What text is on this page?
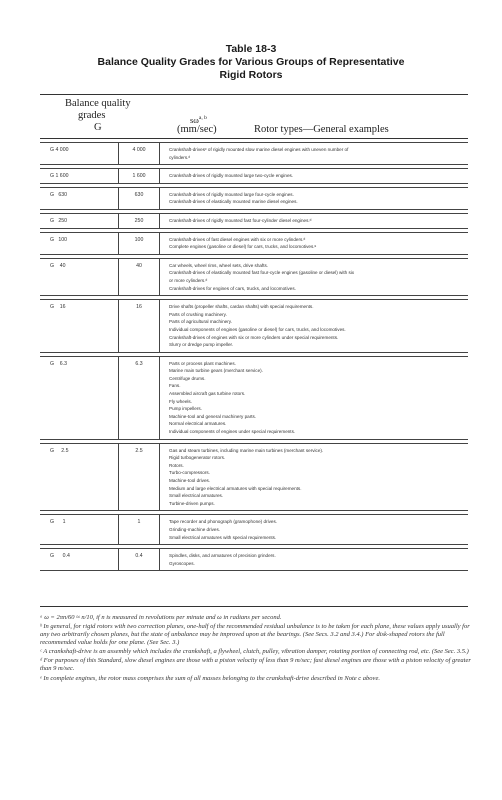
Table 18-3
Balance Quality Grades for Various Groups of Representative
Rigid Rotors
Balance quality
grades
G
sω$^{a, b}$
(mm/sec)	Rotor types—General examples
G 4 000	4 000	Crankshaft-drivesᶜ of rigidly mounted slow marine diesel engines with uneven number of
cylinders.ᵈ
G 1 600	1 600	Crankshaft-drives of rigidly mounted large two-cycle engines.
G   630	630	Crankshaft-drives of rigidly mounted large four-cycle engines.
Crankshaft-drives of elastically mounted marine diesel engines.
G   250	250	Crankshaft-drives of rigidly mounted fast four-cylinder diesel engines.ᵈ
G   100	100	Crankshaft-drives of fast diesel engines with six or more cylinders.ᵈ
Complete engines (gasoline or diesel) for cars, trucks, and locomotives.ᵉ
G    40	40	Car wheels, wheel rims, wheel sets, drive shafts.
Crankshaft-drives of elastically mounted fast four-cycle engines (gasoline or diesel) with six
or more cylinders.ᵈ
Crankshaft-drives for engines of cars, trucks, and locomotives.
G    16	16	Drive shafts (propeller shafts, cardan shafts) with special requirements.
Parts of crushing machinery.
Parts of agricultural machinery.
Individual components of engines (gasoline or diesel) for cars, trucks, and locomotives.
Crankshaft-drives of engines with six or more cylinders under special requirements.
Slurry or dredge pump impeller.
G    6.3	6.3	Parts or process plant machines.
Marine main turbine gears (merchant service).
Centrifuge drums.
Fans.
Assembled aircraft gas turbine rotors.
Fly wheels.
Pump impellers.
Machine-tool and general machinery parts.
Normal electrical armatures.
Individual components of engines under special requirements.
G     2.5	2.5	Gas and steam turbines, including marine main turbines (merchant service).
Rigid turbogenerator rotors.
Rotors.
Turbo-compressors.
Machine-tool drives.
Medium and large electrical armatures with special requirements.
Small electrical armatures.
Turbine-driven pumps.
G      1	1	Tape recorder and phonograph (gramophone) drives.
Grinding-machine drives.
Small electrical armatures with special requirements.
G      0.4	0.4	Spindles, disks, and armatures of precision grinders.
Gyroscopes.
ᵃ ω = 2πn/60 ≈ n/10, if n is measured in revolutions per minute and ω in radians per second.
ᵇ In general, for rigid rotors with two correction planes, one-half of the recommended residual unbalance is to be taken for each plane, these values apply usually for any two arbitrarily chosen planes, but the state of unbalance may be improved upon at the bearings. (See Secs. 3.2 and 3.4.) For disk-shaped rotors the full recommended value holds for one plane. (See Sec. 3.)
ᶜ A crankshaft-drive is an assembly which includes the crankshaft, a flywheel, clutch, pulley, vibration damper, rotating portion of connecting rod, etc. (See Sec. 3.5.)
ᵈ For purposes of this Standard, slow diesel engines are those with a piston velocity of less than 9 m/sec; fast diesel engines are those with a piston velocity of greater than 9 m/sec.
ᵉ In complete engines, the rotor mass comprises the sum of all masses belonging to the crankshaft-drive described in Note c above.
